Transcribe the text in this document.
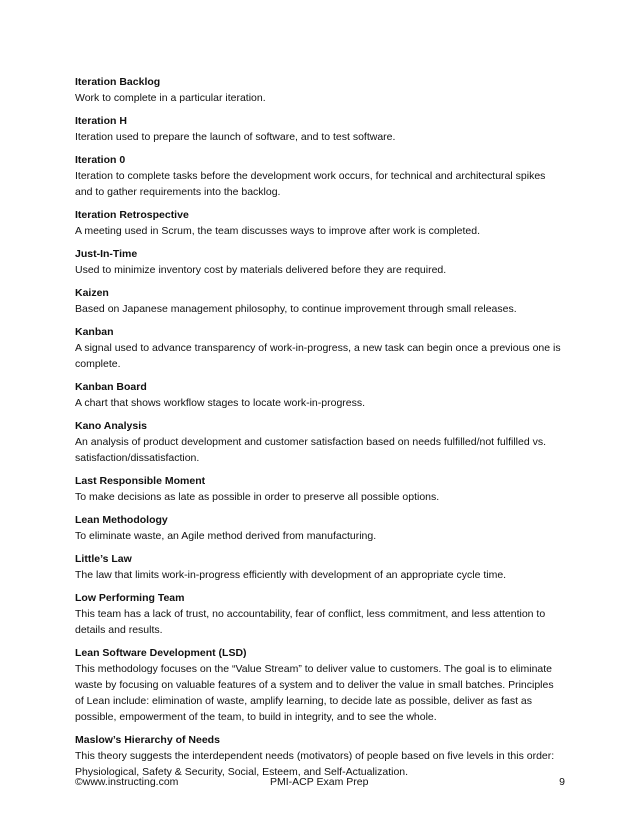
Iteration Backlog

Work to complete in a particular iteration.

Iteration H

Iteration used to prepare the launch of software, and to test software.

Iteration 0

Iteration to complete tasks before the development work occurs, for technical and architectural spikes and to gather requirements into the backlog.

Iteration Retrospective

A meeting used in Scrum, the team discusses ways to improve after work is completed.

Just-In-Time

Used to minimize inventory cost by materials delivered before they are required.

Kaizen

Based on Japanese management philosophy, to continue improvement through small releases.

Kanban

A signal used to advance transparency of work-in-progress, a new task can begin once a previous one is complete.

Kanban Board

A chart that shows workflow stages to locate work-in-progress.

Kano Analysis

An analysis of product development and customer satisfaction based on needs fulfilled/not fulfilled vs. satisfaction/dissatisfaction.

Last Responsible Moment

To make decisions as late as possible in order to preserve all possible options.

Lean Methodology

To eliminate waste, an Agile method derived from manufacturing.

Little’s Law

The law that limits work-in-progress efficiently with development of an appropriate cycle time.

Low Performing Team

This team has a lack of trust, no accountability, fear of conflict, less commitment, and less attention to details and results.

Lean Software Development (LSD)

This methodology focuses on the “Value Stream” to deliver value to customers. The goal is to eliminate waste by focusing on valuable features of a system and to deliver the value in small batches. Principles of Lean include: elimination of waste, amplify learning, to decide late as possible, deliver as fast as possible, empowerment of the team, to build in integrity, and to see the whole.

Maslow’s Hierarchy of Needs

This theory suggests the interdependent needs (motivators) of people based on five levels in this order: Physiological, Safety & Security, Social, Esteem, and Self-Actualization.

©www.instructing.com	PMI-ACP Exam Prep	9
